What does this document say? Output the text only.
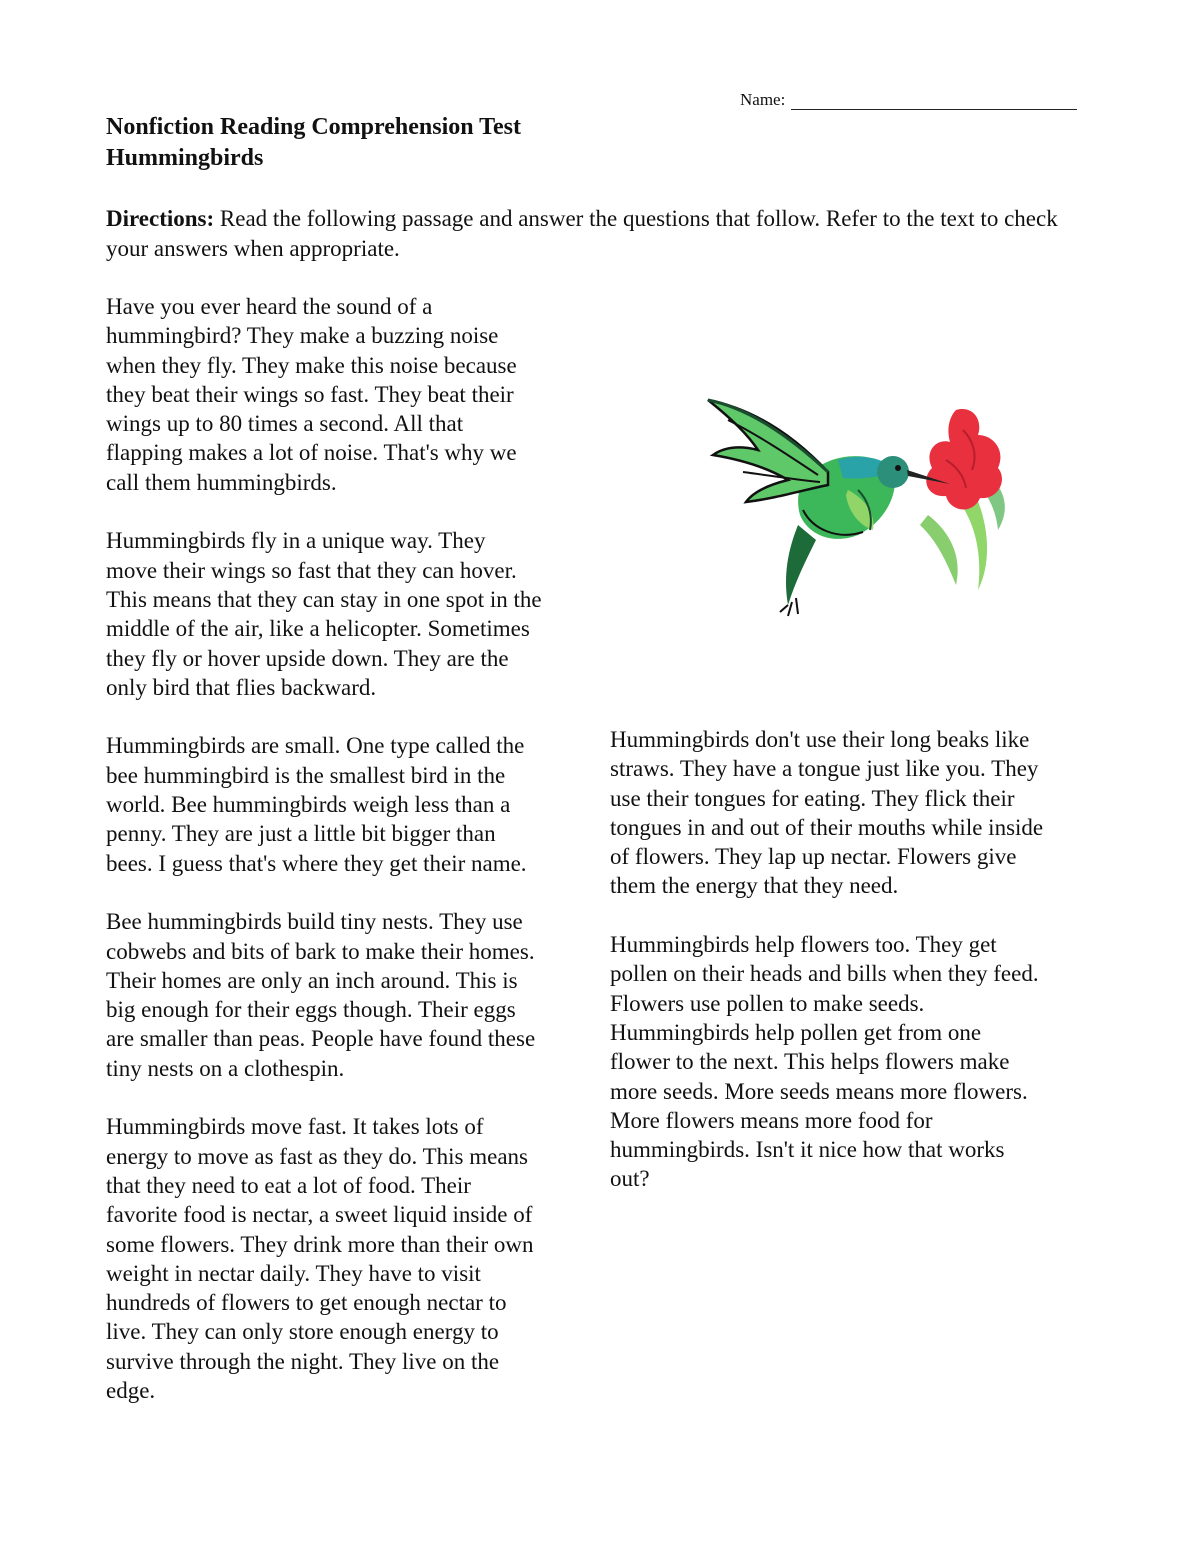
Name:
Nonfiction Reading Comprehension Test
Hummingbirds

Directions: Read the following passage and answer the questions that follow. Refer to the text to check your answers when appropriate.

Have you ever heard the sound of a

hummingbird? They make a buzzing noise

when they fly. They make this noise because

they beat their wings so fast. They beat their

wings up to 80 times a second. All that

flapping makes a lot of noise. That's why we

call them hummingbirds.

Hummingbirds fly in a unique way. They

move their wings so fast that they can hover.

This means that they can stay in one spot in the

middle of the air, like a helicopter. Sometimes

they fly or hover upside down. They are the

only bird that flies backward.

Hummingbirds are small. One type called the

bee hummingbird is the smallest bird in the

world. Bee hummingbirds weigh less than a

penny. They are just a little bit bigger than

bees. I guess that's where they get their name.

Bee hummingbirds build tiny nests. They use

cobwebs and bits of bark to make their homes.

Their homes are only an inch around. This is

big enough for their eggs though. Their eggs

are smaller than peas. People have found these

tiny nests on a clothespin.

Hummingbirds move fast. It takes lots of

energy to move as fast as they do. This means

that they need to eat a lot of food. Their

favorite food is nectar, a sweet liquid inside of

some flowers. They drink more than their own

weight in nectar daily. They have to visit

hundreds of flowers to get enough nectar to

live. They can only store enough energy to

survive through the night. They live on the

edge.

Hummingbirds don't use their long beaks like

straws. They have a tongue just like you. They

use their tongues for eating. They flick their

tongues in and out of their mouths while inside

of flowers. They lap up nectar. Flowers give

them the energy that they need.

Hummingbirds help flowers too. They get

pollen on their heads and bills when they feed.

Flowers use pollen to make seeds.

Hummingbirds help pollen get from one

flower to the next. This helps flowers make

more seeds. More seeds means more flowers.

More flowers means more food for

hummingbirds. Isn't it nice how that works

out?
